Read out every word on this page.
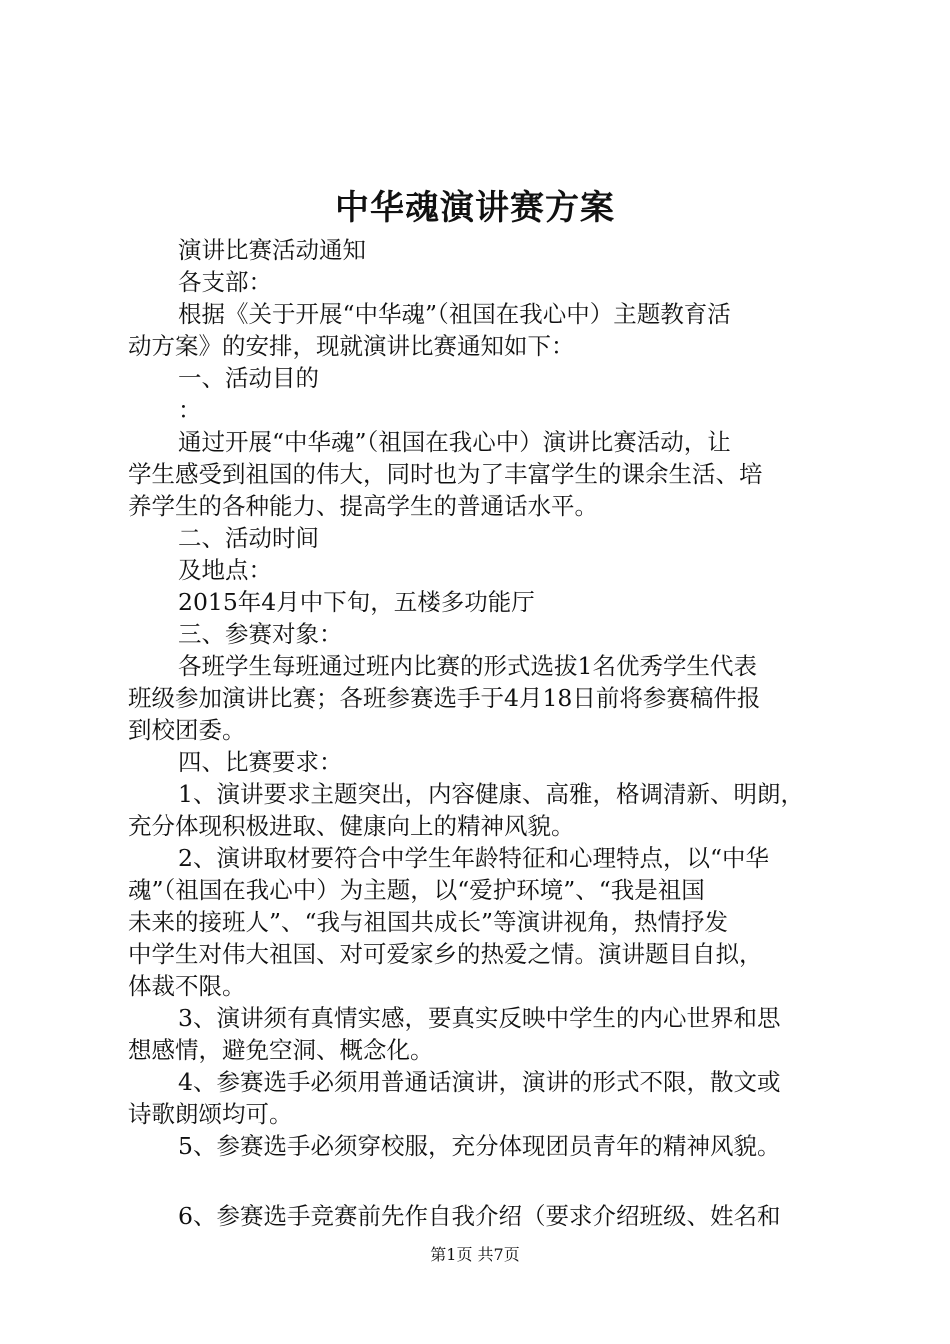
中华魂演讲赛方案
演讲比赛活动通知
各支部：
根据《关于开展“中华魂”（祖国在我心中）主题教育活
动方案》的安排，现就演讲比赛通知如下：
一、活动目的
：
通过开展“中华魂”（祖国在我心中）演讲比赛活动，让
学生感受到祖国的伟大，同时也为了丰富学生的课余生活、培
养学生的各种能力、提高学生的普通话水平。
二、活动时间
及地点：
2015年4月中下旬，五楼多功能厅
三、参赛对象：
各班学生每班通过班内比赛的形式选拔1名优秀学生代表
班级参加演讲比赛；各班参赛选手于4月18日前将参赛稿件报
到校团委。
四、比赛要求：
1、演讲要求主题突出，内容健康、高雅，格调清新、明朗，
充分体现积极进取、健康向上的精神风貌。
2、演讲取材要符合中学生年龄特征和心理特点，以“中华
魂”（祖国在我心中）为主题，以“爱护环境”、“我是祖国
未来的接班人”、“我与祖国共成长”等演讲视角，热情抒发
中学生对伟大祖国、对可爱家乡的热爱之情。演讲题目自拟，
体裁不限。
3、演讲须有真情实感，要真实反映中学生的内心世界和思
想感情，避免空洞、概念化。
4、参赛选手必须用普通话演讲，演讲的形式不限，散文或
诗歌朗颂均可。
5、参赛选手必须穿校服，充分体现团员青年的精神风貌。
6、参赛选手竞赛前先作自我介绍（要求介绍班级、姓名和
第1页 共7页
